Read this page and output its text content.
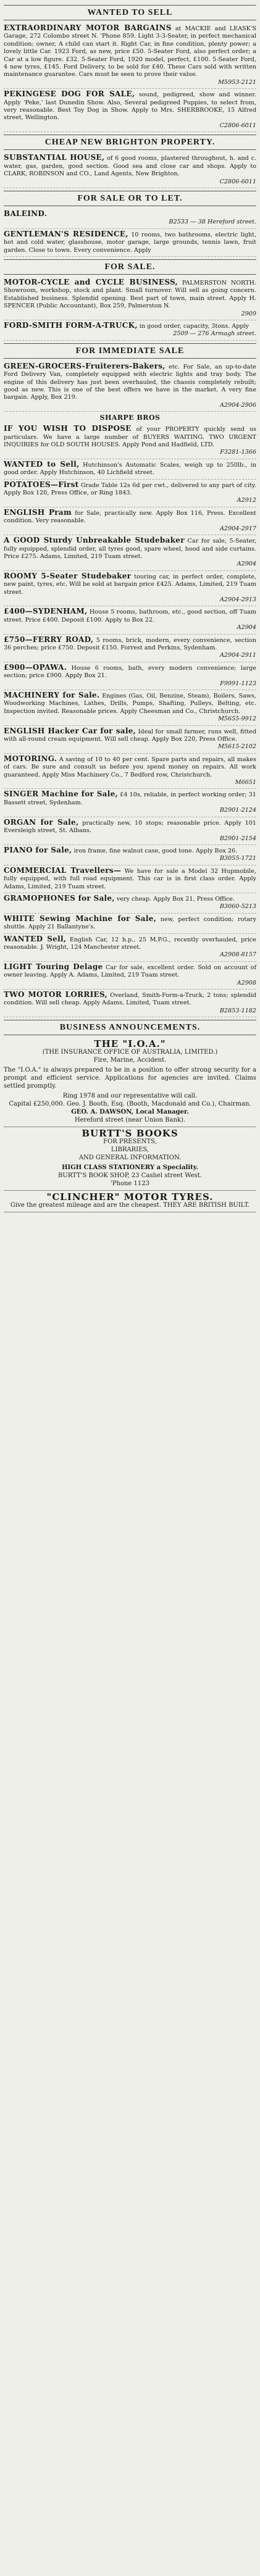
WANTED TO SELL
EXTRAORDINARY MOTOR BARGAINS at MACKIE and LEASK'S Garage, 272 Colombo street N. 'Phone 859. Light 3-3-Seater, in perfect mechanical condition; owner, A child can start it. Right Car, in fine condition, plenty power; a lovely little Car. 1923 Ford, as new, price £50. 5-Seater Ford, also perfect order; a Car at a low figure. £32. 5-Seater Ford, 1920 model, perfect, £100. 5-Seater Ford, 4 new tyres, £145. Ford Delivery, to be sold for £40. These Cars sold with written maintenance guarantee. Cars must be seen to prove their value.
M5953-2121
PEKINGESE DOG FOR SALE, sound, pedigreed, show and winner. Apply 'Peke,' last Dunedin Show. Also, Several pedigreed Puppies, to select from, very reasonable. Best Toy Dog in Show. Apply to Mrs. SHERBROOKE, 15 Alfred street, Wellington.
C2806-6011
CHEAP NEW BRIGHTON PROPERTY.
SUBSTANTIAL HOUSE, of 6 good rooms, plastered throughout, h. and c. water, gas, garden, good section. Good sea and close car and shops. Apply to CLARK, ROBINSON and CO., Land Agents, New Brighton.
C2806-6011
FOR SALE OR TO LET.
BALEIND.
B2533 — 38 Hereford street.
GENTLEMAN'S RESIDENCE, 10 rooms, two bathrooms, electric light, hot and cold water, glasshouse, motor garage, large grounds, tennis lawn, fruit garden. Close to town. Every convenience. Apply
FOR SALE.
MOTOR-CYCLE and CYCLE BUSINESS, PALMERSTON NORTH. Showroom, workshop, stock and plant. Small turnover. Will sell as going concern. Established business. Splendid opening. Best part of town, main street. Apply H. SPENCER (Public Accountant), Box 259, Palmerston N.
2909
FORD-SMITH FORM-A-TRUCK, in good order, capacity, 3tons. Apply
2509 — 276 Armagh street.
FOR IMMEDIATE SALE
GREEN-GROCERS-Fruiterers-Bakers, etc. For Sale, an up-to-date Ford Delivery Van, completely equipped with electric lights and tray body. The engine of this delivery has just been overhauled, the chassis completely rebuilt; good as new. This is one of the best offers we have in the market. A very fine bargain. Apply, Box 219.
A2904-2906
SHARPE BROS
IF YOU WISH TO DISPOSE of your PROPERTY quickly send us particulars. We have a large number of BUYERS WAITING. TWO URGENT INQUIRIES for OLD SOUTH HOUSES. Apply Pond and Hadfield, LTD.
F3281-1366
WANTED to Sell, Hutchinson's Automatic Scales, weigh up to 250lb., in good order. Apply Hutchinson, 40 Lichfield street.
POTATOES—First Grade Table 12s 6d per cwt., delivered to any part of city. Apply Box 120, Press Office, or Ring 1843.
A2912
ENGLISH Pram for Sale, practically new. Apply Box 116, Press. Excellent condition. Very reasonable.
A2904-2917
A GOOD Sturdy Unbreakable Studebaker Car for sale, 5-Seater, fully equipped, splendid order, all tyres good, spare wheel, hood and side curtains. Price £275. Adams, Limited, 219 Tuam street.
A2904
ROOMY 5-Seater Studebaker touring car, in perfect order, complete, new paint, tyres, etc. Will be sold at bargain price £425. Adams, Limited, 219 Tuam street.
A2904-2913
£400—SYDENHAM, House 5 rooms, bathroom, etc., good section, off Tuam street. Price £400. Deposit £100. Apply to Box 22.
A2904
£750—FERRY ROAD, 5 rooms, brick, modern, every convenience, section 36 perches; price £750. Deposit £150. Forrest and Perkins, Sydenham.
A2904-2911
£900—OPAWA. House 6 rooms, bath, every modern convenience; large section; price £900. Apply Box 21.
F9991-1123
MACHINERY for Sale. Engines (Gas, Oil, Benzine, Steam), Boilers, Saws, Woodworking Machines, Lathes, Drills, Pumps, Shafting, Pulleys, Belting, etc. Inspection invited. Reasonable prices. Apply Cheesman and Co., Christchurch.
M5655-9912
ENGLISH Hacker Car for sale, Ideal for small farmer, runs well, fitted with all-round cream equipment. Will sell cheap. Apply Box 220, Press Office.
M5615-2102
MOTORING. A saving of 10 to 40 per cent. Spare parts and repairs, all makes of cars. Be sure and consult us before you spend money on repairs. All work guaranteed. Apply Miss Machinery Co., 7 Bedford row, Christchurch.
M6651
SINGER Machine for Sale, £4 10s, reliable, in perfect working order; 31 Bassett street, Sydenham.
B2901-2124
ORGAN for Sale, practically new, 10 stops; reasonable price. Apply 101 Eversleigh street, St. Albans.
B2901-2154
PIANO for Sale, iron frame, fine walnut case, good tone. Apply Box 26.
B3055-1721
COMMERCIAL Travellers— We have for sale a Model 32 Hupmobile, fully equipped, with full road equipment. This car is in first class order. Apply Adams, Limited, 219 Tuam street.
GRAMOPHONES for Sale, very cheap. Apply Box 21, Press Office.
B3060-5213
WHITE Sewing Machine for Sale, new, perfect condition; rotary shuttle. Apply 21 Ballantyne's.
WANTED Sell, English Car, 12 h.p., 25 M.P.G., recently overhauled, price reasonable. J. Wright, 124 Manchester street.
A2908-8157
LIGHT Touring Delage Car for sale, excellent order. Sold on account of owner leaving. Apply A. Adams, Limited, 219 Tuam street.
A2908
TWO MOTOR LORRIES, Overland, Smith-Form-a-Truck, 2 tons; splendid condition. Will sell cheap. Apply Adams, Limited, Tuam street.
B2853-1182
BUSINESS ANNOUNCEMENTS.
THE "I.O.A."
(THE INSURANCE OFFICE OF AUSTRALIA, LIMITED.)
Fire, Marine, Accident.
The "I.O.A." is always prepared to be in a position to offer strong security for a prompt and efficient service. Applications for agencies are invited. Claims settled promptly.
Ring 1978 and our representative will call.
Capital £250,000. Geo. J. Booth, Esq. (Booth, Macdonald and Co.), Chairman.
GEO. A. DAWSON, Local Manager.
Hereford street (near Union Bank).
BURTT'S BOOKS
FOR PRESENTS,
LIBRARIES,
AND GENERAL INFORMATION.
HIGH CLASS STATIONERY a Speciality.
BURTT'S BOOK SHOP, 23 Cashel street West.
'Phone 1123
"CLINCHER" MOTOR TYRES.
Give the greatest mileage and are the cheapest. THEY ARE BRITISH BUILT.
